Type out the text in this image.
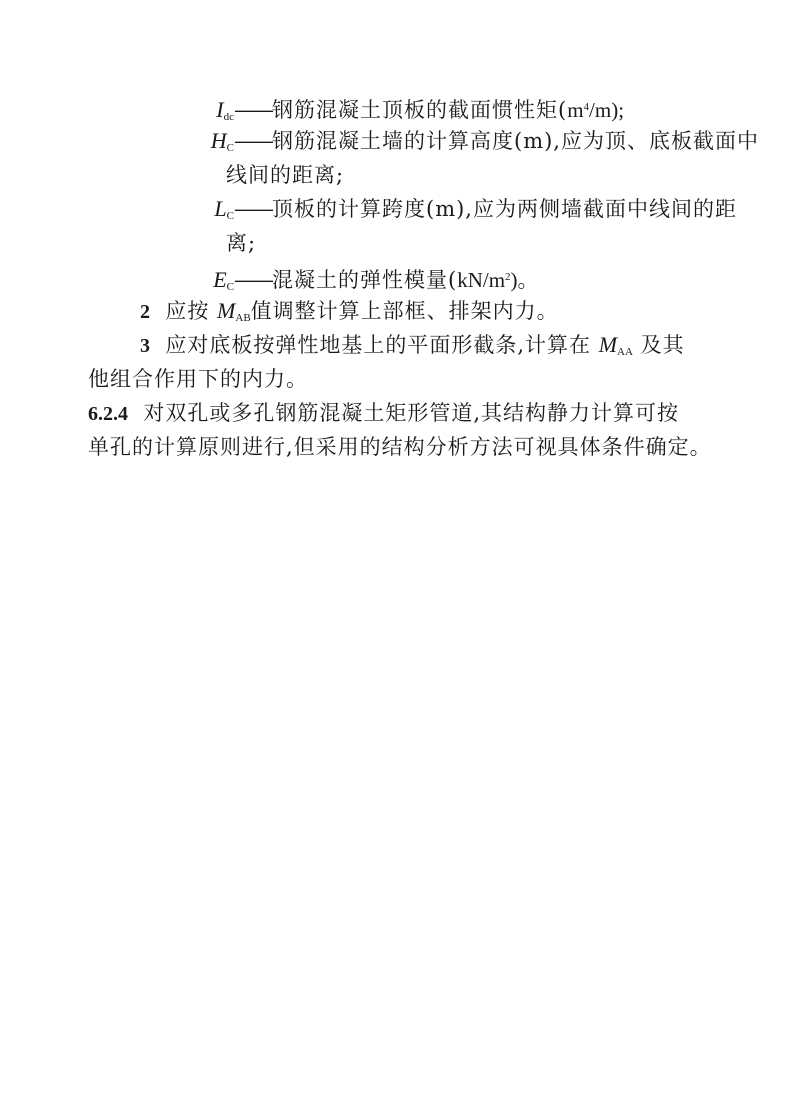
$I_{dc}——$钢筋混凝土顶板的截面惯性矩$(m^4/m)$;
$H_C——$钢筋混凝土墙的计算高度(m),应为顶、底板截面中
线间的距离;
$L_C——$顶板的计算跨度(m),应为两侧墙截面中线间的距
离;
$E_C——$混凝土的弹性模量$(kN/m^2)$。
2 应按 $M_{AB}$值调整计算上部框、排架内力。
3 应对底板按弹性地基上的平面形截条,计算在 $M_{AA}$ 及其
他组合作用下的内力。
6.2.4 对双孔或多孔钢筋混凝土矩形管道,其结构静力计算可按
单孔的计算原则进行,但采用的结构分析方法可视具体条件确定。
